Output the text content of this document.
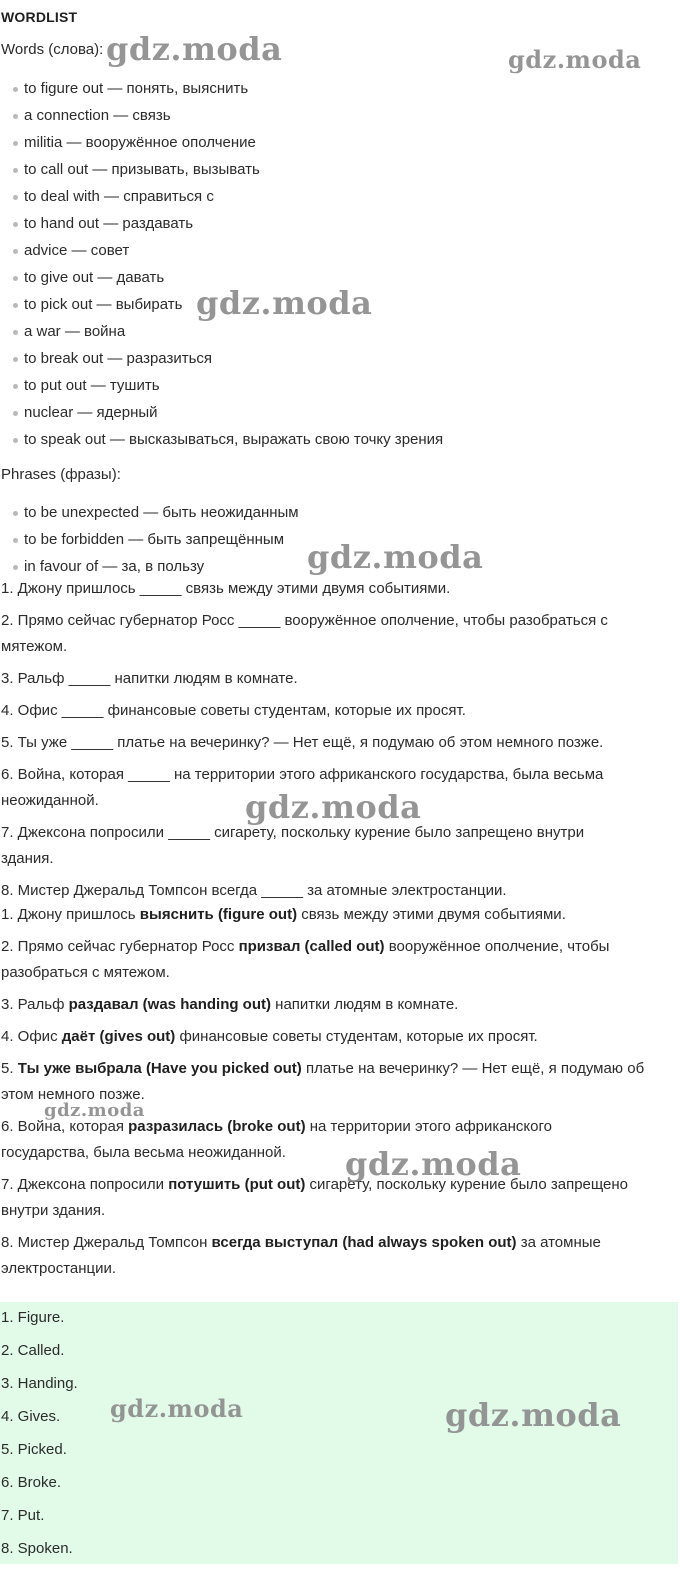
WORDLIST
Words (слова):
to figure out — понять, выяснить
a connection — связь
militia — вооружённое ополчение
to call out — призывать, вызывать
to deal with — справиться с
to hand out — раздавать
advice — совет
to give out — давать
to pick out — выбирать
a war — война
to break out — разразиться
to put out — тушить
nuclear — ядерный
to speak out — высказываться, выражать свою точку зрения
Phrases (фразы):
to be unexpected — быть неожиданным
to be forbidden — быть запрещённым
in favour of — за, в пользу
1. Джону пришлось _____ связь между этими двумя событиями.
2. Прямо сейчас губернатор Росс _____ вооружённое ополчение, чтобы разобраться с
мятежом.
3. Ральф _____ напитки людям в комнате.
4. Офис _____ финансовые советы студентам, которые их просят.
5. Ты уже _____ платье на вечеринку? — Нет ещё, я подумаю об этом немного позже.
6. Война, которая _____ на территории этого африканского государства, была весьма
неожиданной.
7. Джексона попросили _____ сигарету, поскольку курение было запрещено внутри
здания.
8. Мистер Джеральд Томпсон всегда _____ за атомные электростанции.
1. Джону пришлось выяснить (figure out) связь между этими двумя событиями.
2. Прямо сейчас губернатор Росс призвал (called out) вооружённое ополчение, чтобы
разобраться с мятежом.
3. Ральф раздавал (was handing out) напитки людям в комнате.
4. Офис даёт (gives out) финансовые советы студентам, которые их просят.
5. Ты уже выбрала (Have you picked out) платье на вечеринку? — Нет ещё, я подумаю об
этом немного позже.
6. Война, которая разразилась (broke out) на территории этого африканского
государства, была весьма неожиданной.
7. Джексона попросили потушить (put out) сигарету, поскольку курение было запрещено
внутри здания.
8. Мистер Джеральд Томпсон всегда выступал (had always spoken out) за атомные
электростанции.
1. Figure.
2. Called.
3. Handing.
4. Gives.
5. Picked.
6. Broke.
7. Put.
8. Spoken.
gdz.moda	gdz.moda
gdz.moda
gdz.moda
gdz.moda
gdz.moda
gdz.moda
gdz.moda	gdz.moda
